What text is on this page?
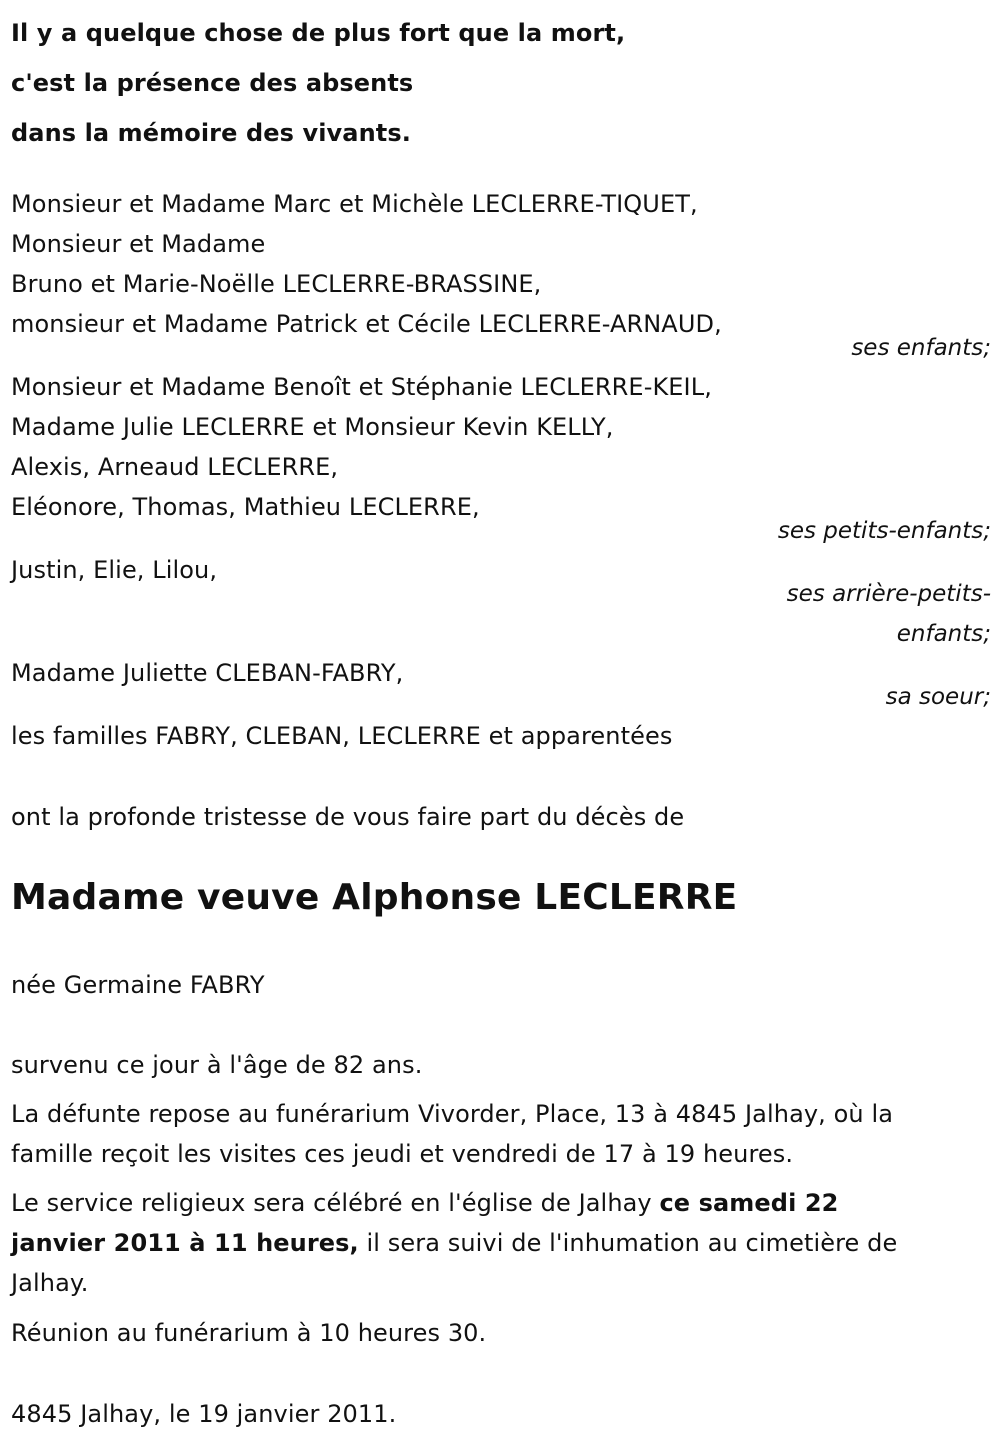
Il y a quelque chose de plus fort que la mort,
c'est la présence des absents
dans la mémoire des vivants.
Monsieur et Madame Marc et Michèle LECLERRE-TIQUET,
Monsieur et Madame
Bruno et Marie-Noëlle LECLERRE-BRASSINE,
monsieur et Madame Patrick et Cécile LECLERRE-ARNAUD,
ses enfants;
Monsieur et Madame Benoît et Stéphanie LECLERRE-KEIL,
Madame Julie LECLERRE et Monsieur Kevin KELLY,
Alexis, Arneaud LECLERRE,
Eléonore, Thomas, Mathieu LECLERRE,
ses petits-enfants;
Justin, Elie, Lilou,
ses arrière-petits-
enfants;
Madame Juliette CLEBAN-FABRY,
sa soeur;
les familles FABRY, CLEBAN, LECLERRE et apparentées
ont la profonde tristesse de vous faire part du décès de
Madame veuve Alphonse LECLERRE
née Germaine FABRY
survenu ce jour à l'âge de 82 ans.
La défunte repose au funérarium Vivorder, Place, 13 à 4845 Jalhay, où la
famille reçoit les visites ces jeudi et vendredi de 17 à 19 heures.
Le service religieux sera célébré en l'église de Jalhay ce samedi 22
janvier 2011 à 11 heures, il sera suivi de l'inhumation au cimetière de
Jalhay.
Réunion au funérarium à 10 heures 30.
4845 Jalhay, le 19 janvier 2011.
